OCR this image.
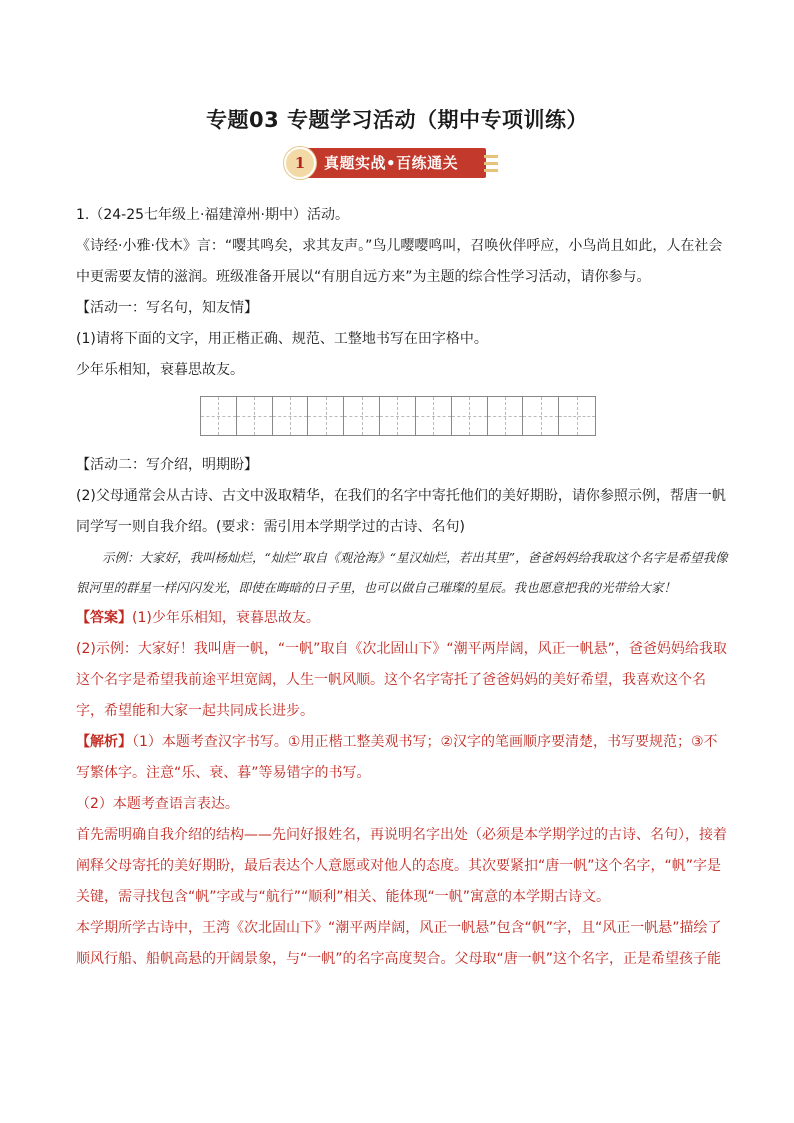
专题03 专题学习活动（期中专项训练）
1	真题实战•百练通关

1.（24-25七年级上·福建漳州·期中）活动。

《诗经·小雅·伐木》言：“嘤其鸣矣，求其友声。”鸟儿嘤嘤鸣叫，召唤伙伴呼应，小鸟尚且如此，人在社会中更需要友情的滋润。班级准备开展以“有朋自远方来”为主题的综合性学习活动，请你参与。

【活动一：写名句，知友情】

(1)请将下面的文字，用正楷正确、规范、工整地书写在田字格中。

少年乐相知，衰暮思故友。

【活动二：写介绍，明期盼】

(2)父母通常会从古诗、古文中汲取精华，在我们的名字中寄托他们的美好期盼，请你参照示例，帮唐一帆同学写一则自我介绍。(要求：需引用本学期学过的古诗、名句)

示例：大家好，我叫杨灿烂，“灿烂”取自《观沧海》“星汉灿烂，若出其里”，爸爸妈妈给我取这个名字是希望我像银河里的群星一样闪闪发光，即使在晦暗的日子里，也可以做自己璀璨的星辰。我也愿意把我的光带给大家！

【答案】(1)少年乐相知，衰暮思故友。

(2)示例：大家好！我叫唐一帆，“一帆”取自《次北固山下》“潮平两岸阔，风正一帆悬”，爸爸妈妈给我取这个名字是希望我前途平坦宽阔，人生一帆风顺。这个名字寄托了爸爸妈妈的美好希望，我喜欢这个名字，希望能和大家一起共同成长进步。

【解析】（1）本题考查汉字书写。①用正楷工整美观书写；②汉字的笔画顺序要清楚，书写要规范；③不写繁体字。注意“乐、衰、暮”等易错字的书写。

（2）本题考查语言表达。

首先需明确自我介绍的结构——先问好报姓名，再说明名字出处（必须是本学期学过的古诗、名句），接着阐释父母寄托的美好期盼，最后表达个人意愿或对他人的态度。其次要紧扣“唐一帆”这个名字，“帆”字是关键，需寻找包含“帆”字或与“航行”“顺利”相关、能体现“一帆”寓意的本学期古诗文。

本学期所学古诗中，王湾《次北固山下》“潮平两岸阔，风正一帆悬”包含“帆”字，且“风正一帆悬”描绘了顺风行船、船帆高悬的开阔景象，与“一帆”的名字高度契合。父母取“唐一帆”这个名字，正是希望孩子能
